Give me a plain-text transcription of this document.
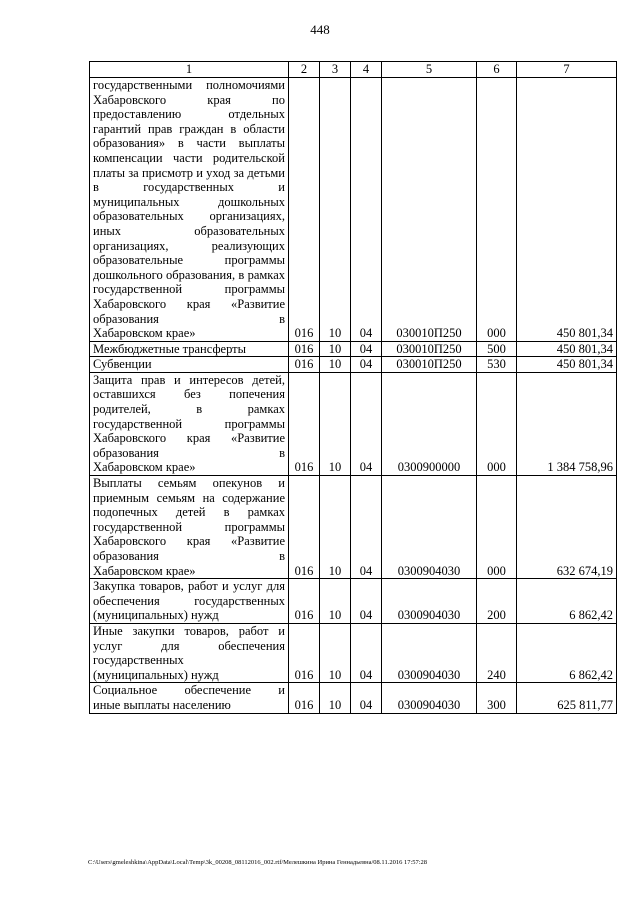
448
1	2	3	4	5	6	7
государственными полномочиями Хабаровского края по предоставлению отдельных гарантий прав граждан в области образования» в части выплаты компенсации части родительской платы за присмотр и уход за детьми в государственных и муниципальных дошкольных образовательных организациях, иных образовательных организациях, реализующих образовательные программы дошкольного образования, в рамках государственной программы Хабаровского края «Развитие образования в
Хабаровском крае»	016	10	04	030010П250	000	450 801,34

Межбюджетные трансферты	016	10	04	030010П250	500	450 801,34

Субвенции	016	10	04	030010П250	530	450 801,34
Защита прав и интересов детей, оставшихся без попечения родителей, в рамках государственной программы Хабаровского края «Развитие образования в
Хабаровском крае»	016	10	04	0300900000	000	1 384 758,96
Выплаты семьям опекунов и приемным семьям на содержание подопечных детей в рамках государственной программы Хабаровского края «Развитие образования в
Хабаровском крае»	016	10	04	0300904030	000	632 674,19
Закупка товаров, работ и услуг для обеспечения государственных
(муниципальных) нужд	016	10	04	0300904030	200	6 862,42
Иные закупки товаров, работ и услуг для обеспечения государственных
(муниципальных) нужд	016	10	04	0300904030	240	6 862,42
Социальное обеспечение и
иные выплаты населению	016	10	04	0300904030	300	625 811,77
C:\Users\gmeleshkina\AppData\Local\Temp\3k_00208_08112016_002.rtf/Мелешкина Ирина Геннадьевна/08.11.2016 17:57:28
